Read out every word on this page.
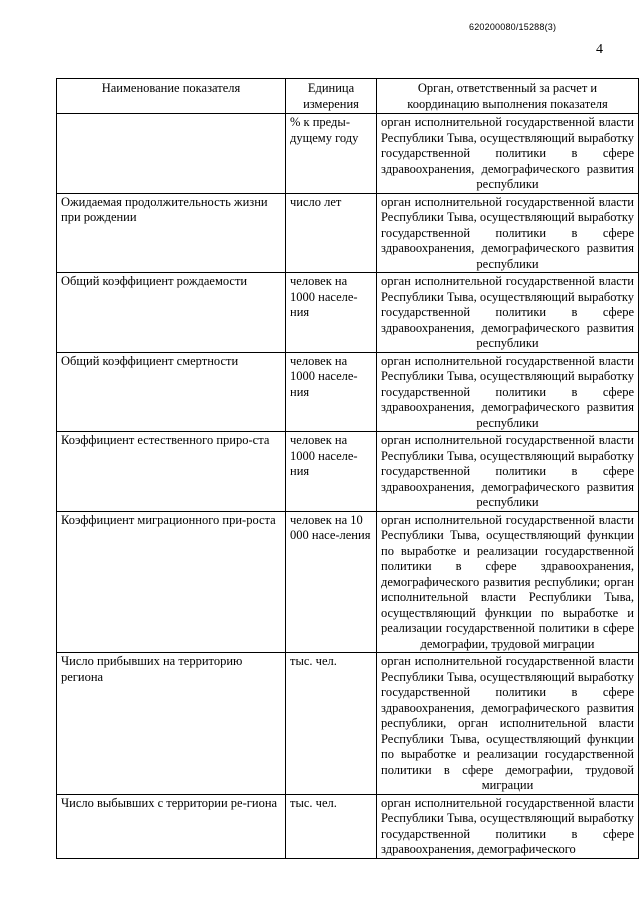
620200080/15288(3)
4
Наименование показателя	Единица измерения	Орган, ответственный за расчет и координацию выполнения показателя
	% к преды-дущему году	орган исполнительной государственной власти Республики Тыва, осуществляющий выработку государственной политики в сфере здравоохранения, демографического развития республики
Ожидаемая продолжительность жизни при рождении	число лет	орган исполнительной государственной власти Республики Тыва, осуществляющий выработку государственной политики в сфере здравоохранения, демографического развития республики
Общий коэффициент рождаемости	человек на 1000 населе-ния	орган исполнительной государственной власти Республики Тыва, осуществляющий выработку государственной политики в сфере здравоохранения, демографического развития республики
Общий коэффициент смертности	человек на 1000 населе-ния	орган исполнительной государственной власти Республики Тыва, осуществляющий выработку государственной политики в сфере здравоохранения, демографического развития республики
Коэффициент естественного приро-ста	человек на 1000 населе-ния	орган исполнительной государственной власти Республики Тыва, осуществляющий выработку государственной политики в сфере здравоохранения, демографического развития республики
Коэффициент миграционного при-роста	человек на 10 000 насе-ления	орган исполнительной государственной власти Республики Тыва, осуществляющий функции по выработке и реализации государственной политики в сфере здравоохранения, демографического развития республики; орган исполнительной власти Республики Тыва, осуществляющий функции по выработке и реализации государственной политики в сфере демографии, трудовой миграции
Число прибывших на территорию региона	тыс. чел.	орган исполнительной государственной власти Республики Тыва, осуществляющий выработку государственной политики в сфере здравоохранения, демографического развития республики, орган исполнительной власти Республики Тыва, осуществляющий функции по выработке и реализации государственной политики в сфере демографии, трудовой миграции
Число выбывших с территории ре-гиона	тыс. чел.	орган исполнительной государственной власти Республики Тыва, осуществляющий выработку государственной политики в сфере здравоохранения, демографического
